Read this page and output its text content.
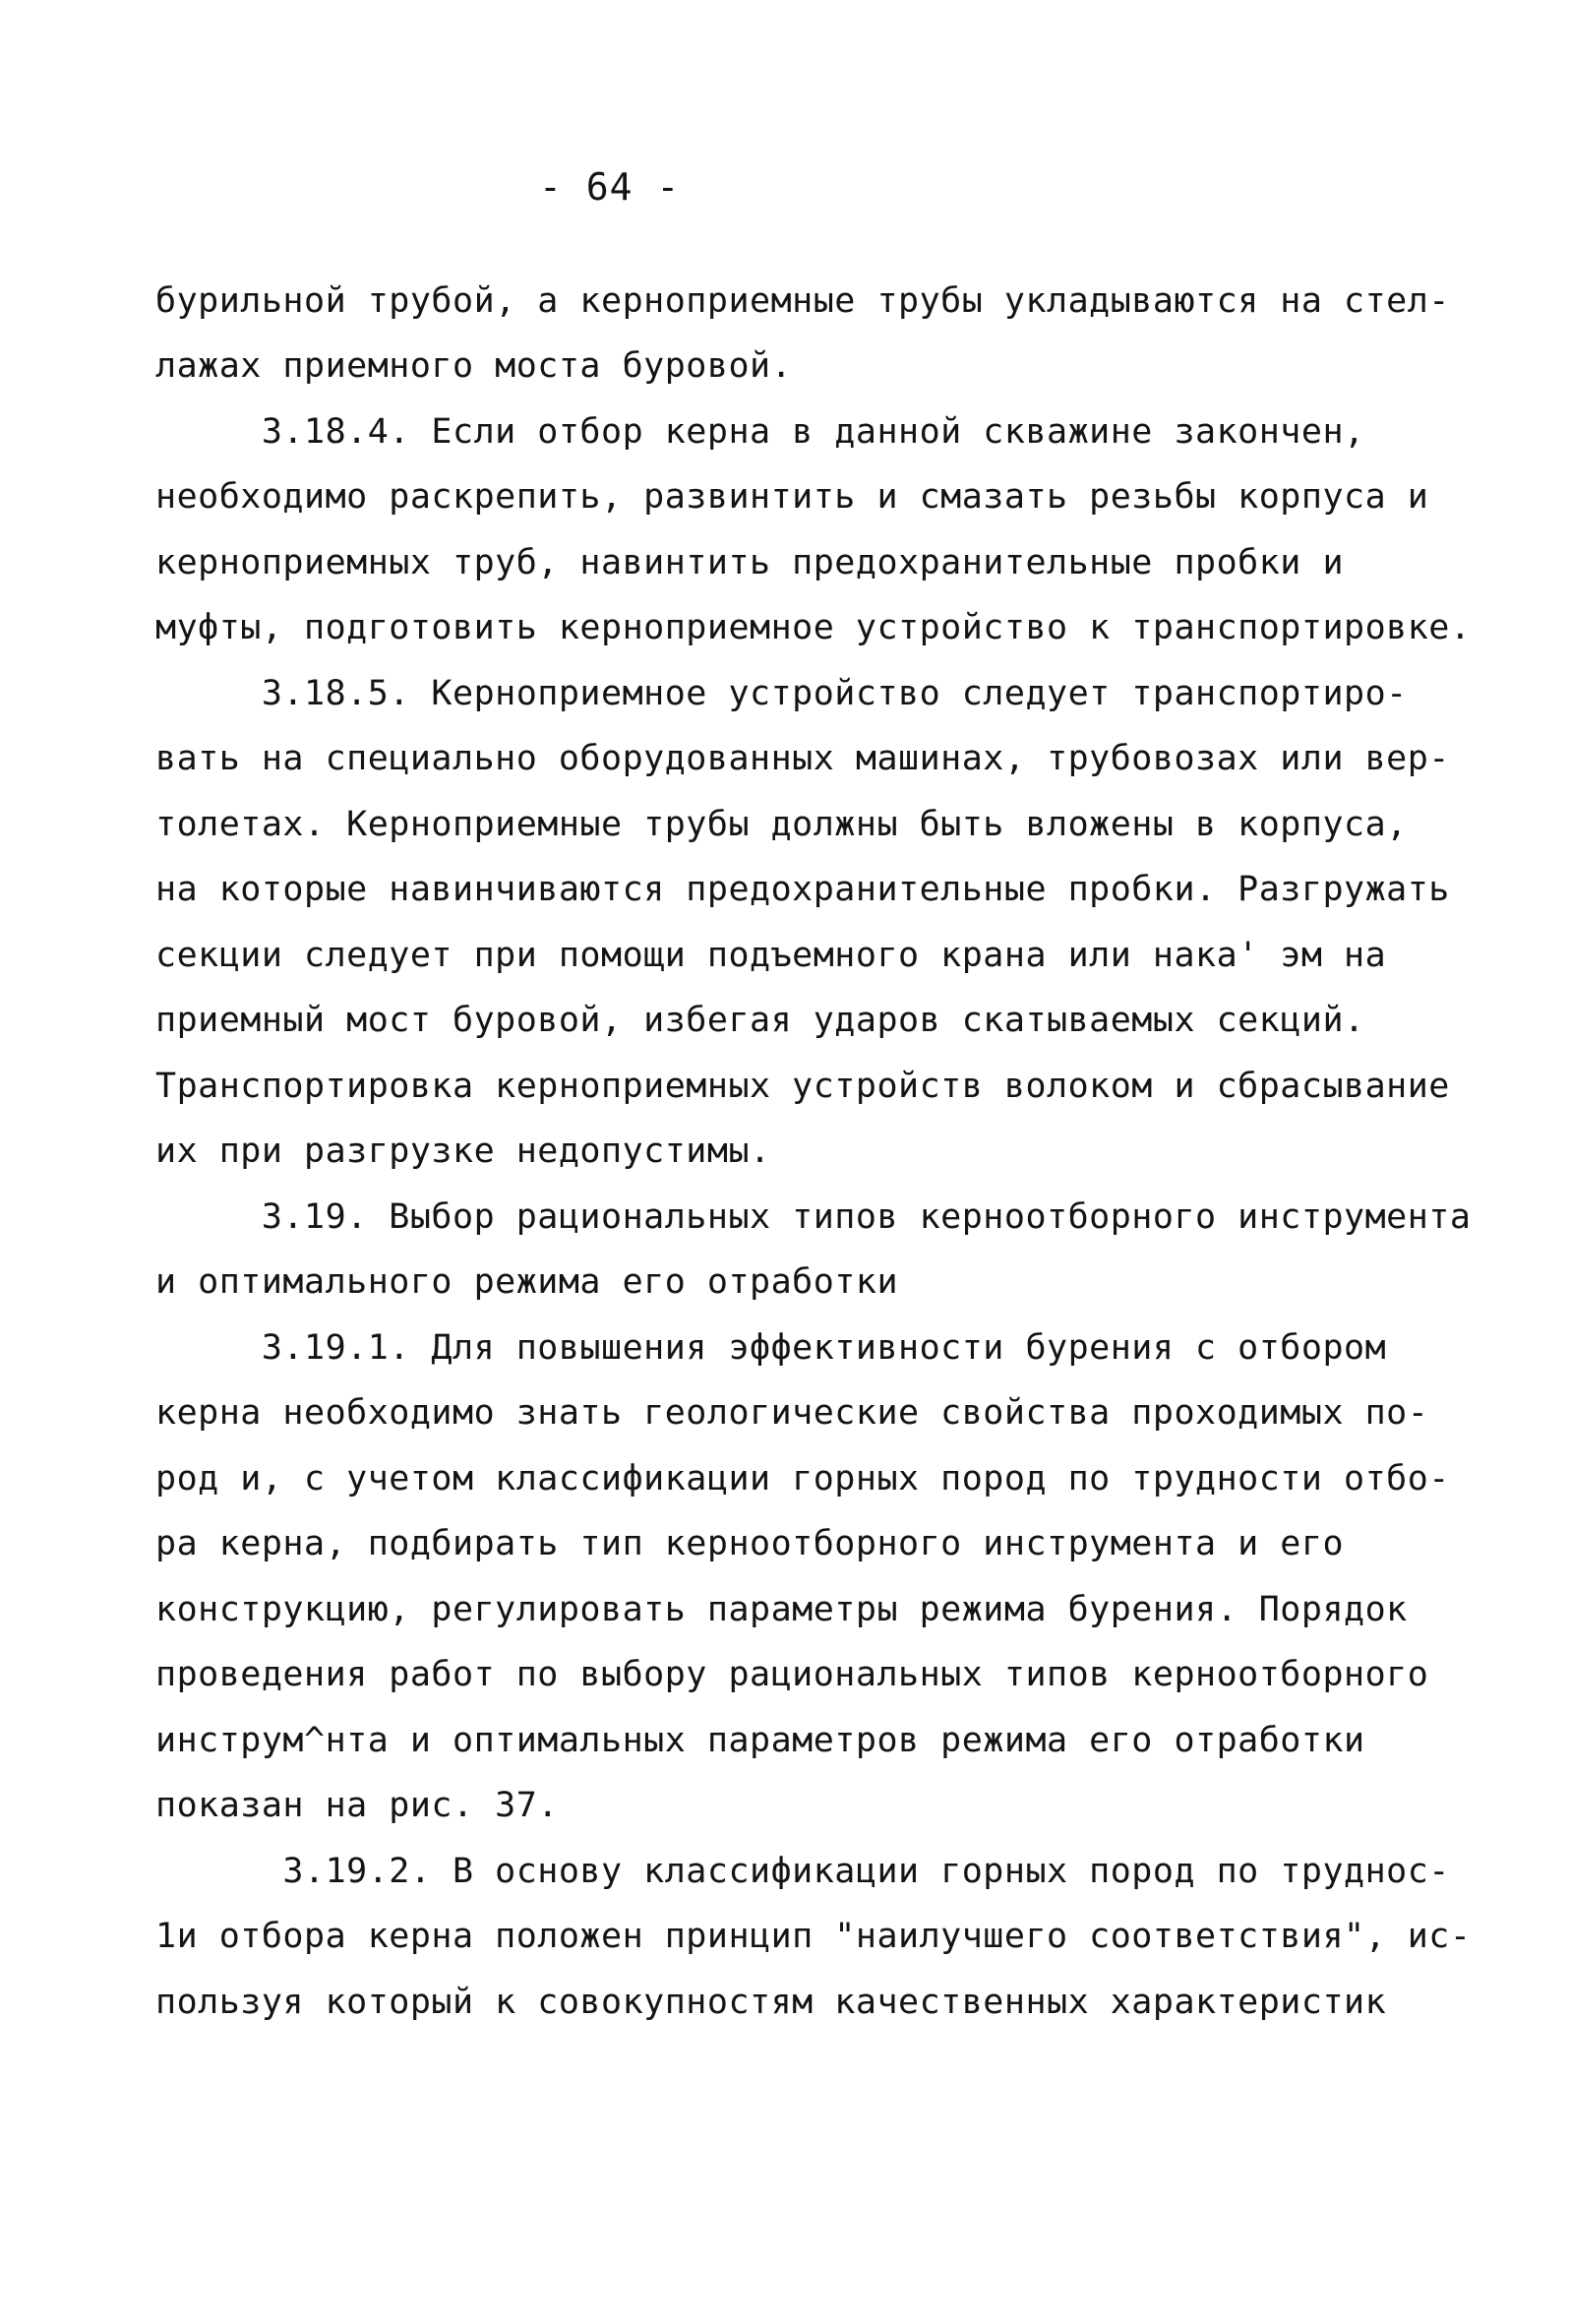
- 64 -
бурильной трубой, а керноприемные трубы укладываются на стел-
лажах приемного моста буровой.
3.18.4. Если отбор керна в данной скважине закончен,
необходимо раскрепить, развинтить и смазать резьбы корпуса и
керноприемных труб, навинтить предохранительные пробки и
муфты, подготовить керноприемное устройство к транспортировке.
3.18.5. Керноприемное устройство следует транспортиро-
вать на специально оборудованных машинах, трубовозах или вер-
толетах. Керноприемные трубы должны быть вложены в корпуса,
на которые навинчиваются предохранительные пробки. Разгружать
секции следует при помощи подъемного крана или нака' эм на
приемный мост буровой, избегая ударов скатываемых секций.
Транспортировка керноприемных устройств волоком и сбрасывание
их при разгрузке недопустимы.
3.19. Выбор рациональных типов керноотборного инструмента
и оптимального режима его отработки
3.19.1. Для повышения эффективности бурения с отбором
керна необходимо знать геологические свойства проходимых по-
род и, с учетом классификации горных пород по трудности отбо-
ра керна, подбирать тип керноотборного инструмента и его
конструкцию, регулировать параметры режима бурения. Порядок
проведения работ по выбору рациональных типов керноотборного
инструм^нта и оптимальных параметров режима его отработки
показан на рис. 37.
3.19.2. В основу классификации горных пород по труднос-
1и отбора керна положен принцип "наилучшего соответствия", ис-
пользуя который к совокупностям качественных характеристик
